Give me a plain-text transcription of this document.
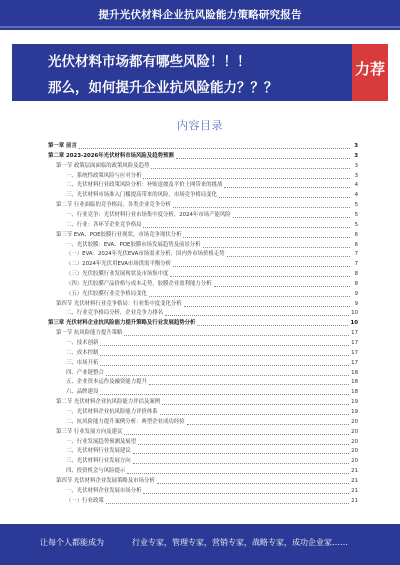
提升光伏材料企业抗风险能力策略研究报告
光伏材料市场都有哪些风险！！！
那么，如何提升企业抗风险能力？？？
力荐
内容目录
第一章 前言	3
第二章 2023-2026年光伏材料市场风险及趋势预测	3
第一节 政策层面面临的政策风险及趋势	3
一、系统性政策风险与应对分析	3
二、光伏材料行业政策风险分析：补贴退坡及平价上网带来的挑战	4
三、光伏材料市场准入门槛提高带来的风险，市场竞争格局变化	4
第二节 行业面临的竞争格局，各类企业竞争分析	5
一、行业竞争：光伏材料行业市场集中度分析，2024年市场产能风险	5
二、行业：各环节企业竞争格局	5
第三节 EVA、POE胶膜行业现状，市场竞争现状分析	6
一、光伏胶膜：EVA、POE胶膜市场发展趋势及前景分析	6
（一）EVA：2024年光伏EVA市场需求分析，国内外市场价格走势	7
（二）2024年光伏用EVA市场供需平衡分析	7
（三）光伏胶膜行业发展现状及市场集中度	8
（四）光伏胶膜产品价格与成本走势，胶膜企业盈利能力分析	8
（五）光伏胶膜行业竞争格局变化	9
第四节 光伏材料行业竞争格局：行业集中度变化分析	9
二、行业竞争格局分析，企业竞争力排名	10
第三章 光伏材料企业抗风险能力提升策略及行业发展趋势分析	10
第一节 抗风险能力提升策略	17
一、技术创新	17
二、成本控制	17
三、市场开拓	17
四、产业链整合	18
五、企业资本运作及融资能力提升	18
六、品牌建设	18
第二节 光伏材料企业抗风险能力评估及案例	19
一、光伏材料企业抗风险能力评价体系	19
二、抗风险能力提升案例分析：典型企业成功经验	20
第三节 行业发展方向及建议	20
一、行业发展趋势预测及展望	20
二、光伏材料行业发展建议	20
三、光伏材料行业发展方向	20
四、投资机会与风险提示	21
第四节 光伏材料企业发展策略及市场分析	21
一、光伏材料企业发展市场分析	21
（一）行业政策	21
让每个人都能成为	行业专家，管理专家，营销专家，战略专家，成功企业家……
